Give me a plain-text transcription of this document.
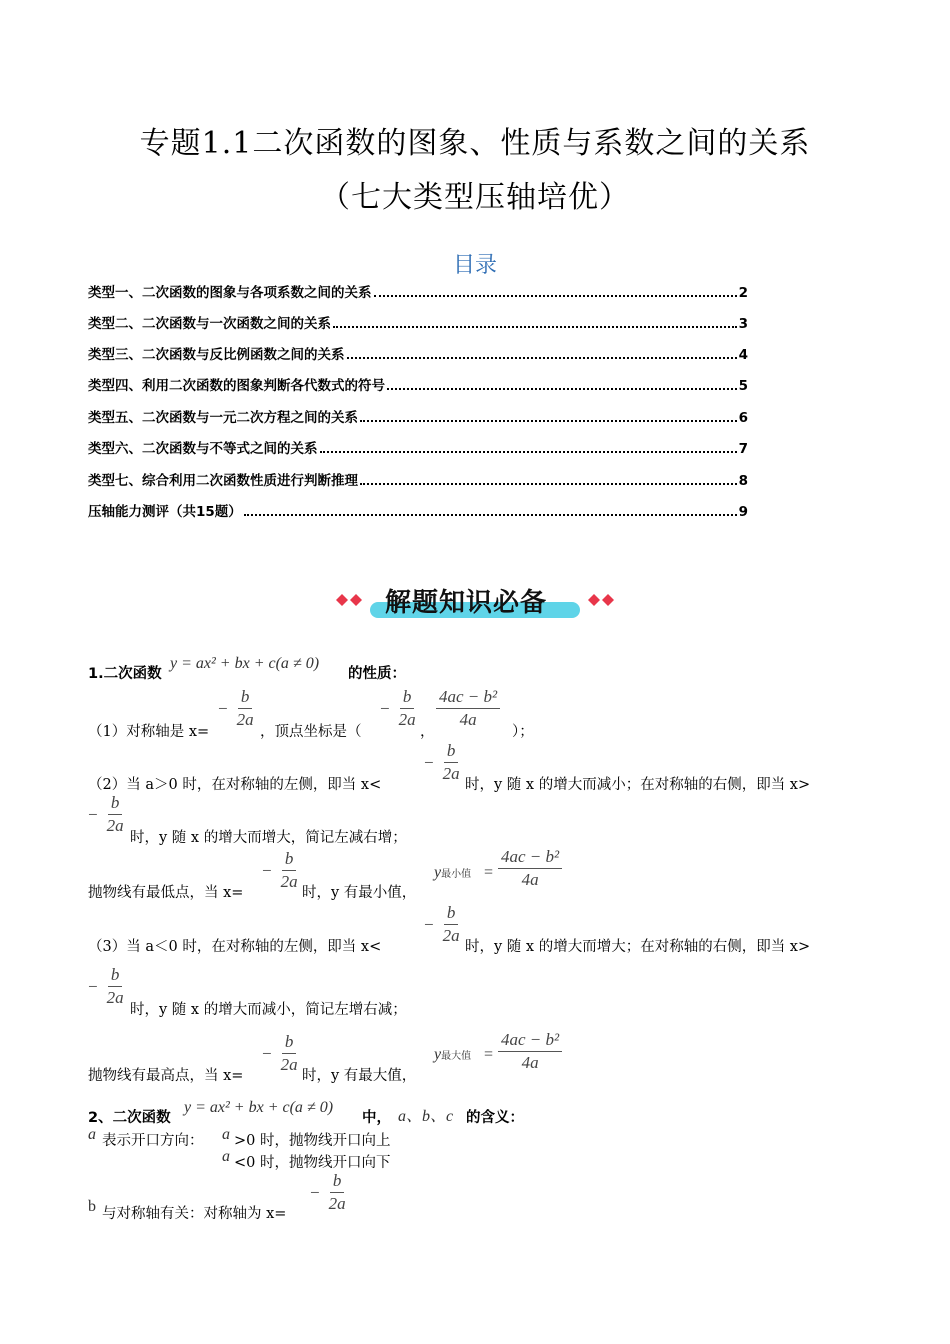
专题1.1二次函数的图象、性质与系数之间的关系
（七大类型压轴培优）
目录
类型一、二次函数的图象与各项系数之间的关系	2
类型二、二次函数与一次函数之间的关系	3
类型三、二次函数与反比例函数之间的关系	4
类型四、利用二次函数的图象判断各代数式的符号	5
类型五、二次函数与一元二次方程之间的关系	6
类型六、二次函数与不等式之间的关系	7
类型七、综合利用二次函数性质进行判断推理	8
压轴能力测评（共15题）	9
解题知识必备
1.二次函数
y = ax² + bx + c(a ≠ 0)
的性质：
（1）对称轴是 x=
− $\frac{b}{2a}$
，顶点坐标是（
− $\frac{b}{2a}$
，
4ac − b²
4a
）；
（2）当 a＞0 时，在对称轴的左侧，即当 x<
− $\frac{b}{2a}$ 时，y 随 x 的增大而减小；在对称轴的右侧，即当 x>
− $\frac{b}{2a}$
时，y 随 x 的增大而增大，简记左减右增；
抛物线有最低点，当 x=
− $\frac{b}{2a}$ 时，y 有最小值，
y最小值 =
4ac − b²
4a
（3）当 a＜0 时，在对称轴的左侧，即当 x<
− $\frac{b}{2a}$ 时，y 随 x 的增大而增大；在对称轴的右侧，即当 x>
− $\frac{b}{2a}$
时，y 随 x 的增大而减小，简记左增右减；
抛物线有最高点，当 x=
− $\frac{b}{2a}$ 时，y 有最大值，
y最大值 =
4ac − b²
4a
2、二次函数
y = ax² + bx + c(a ≠ 0)
中， a、b、c 的含义：
a 表示开口方向： a >0 时，抛物线开口向上
a <0 时，抛物线开口向下
b 与对称轴有关：对称轴为 x=
− $\frac{b}{2a}$
